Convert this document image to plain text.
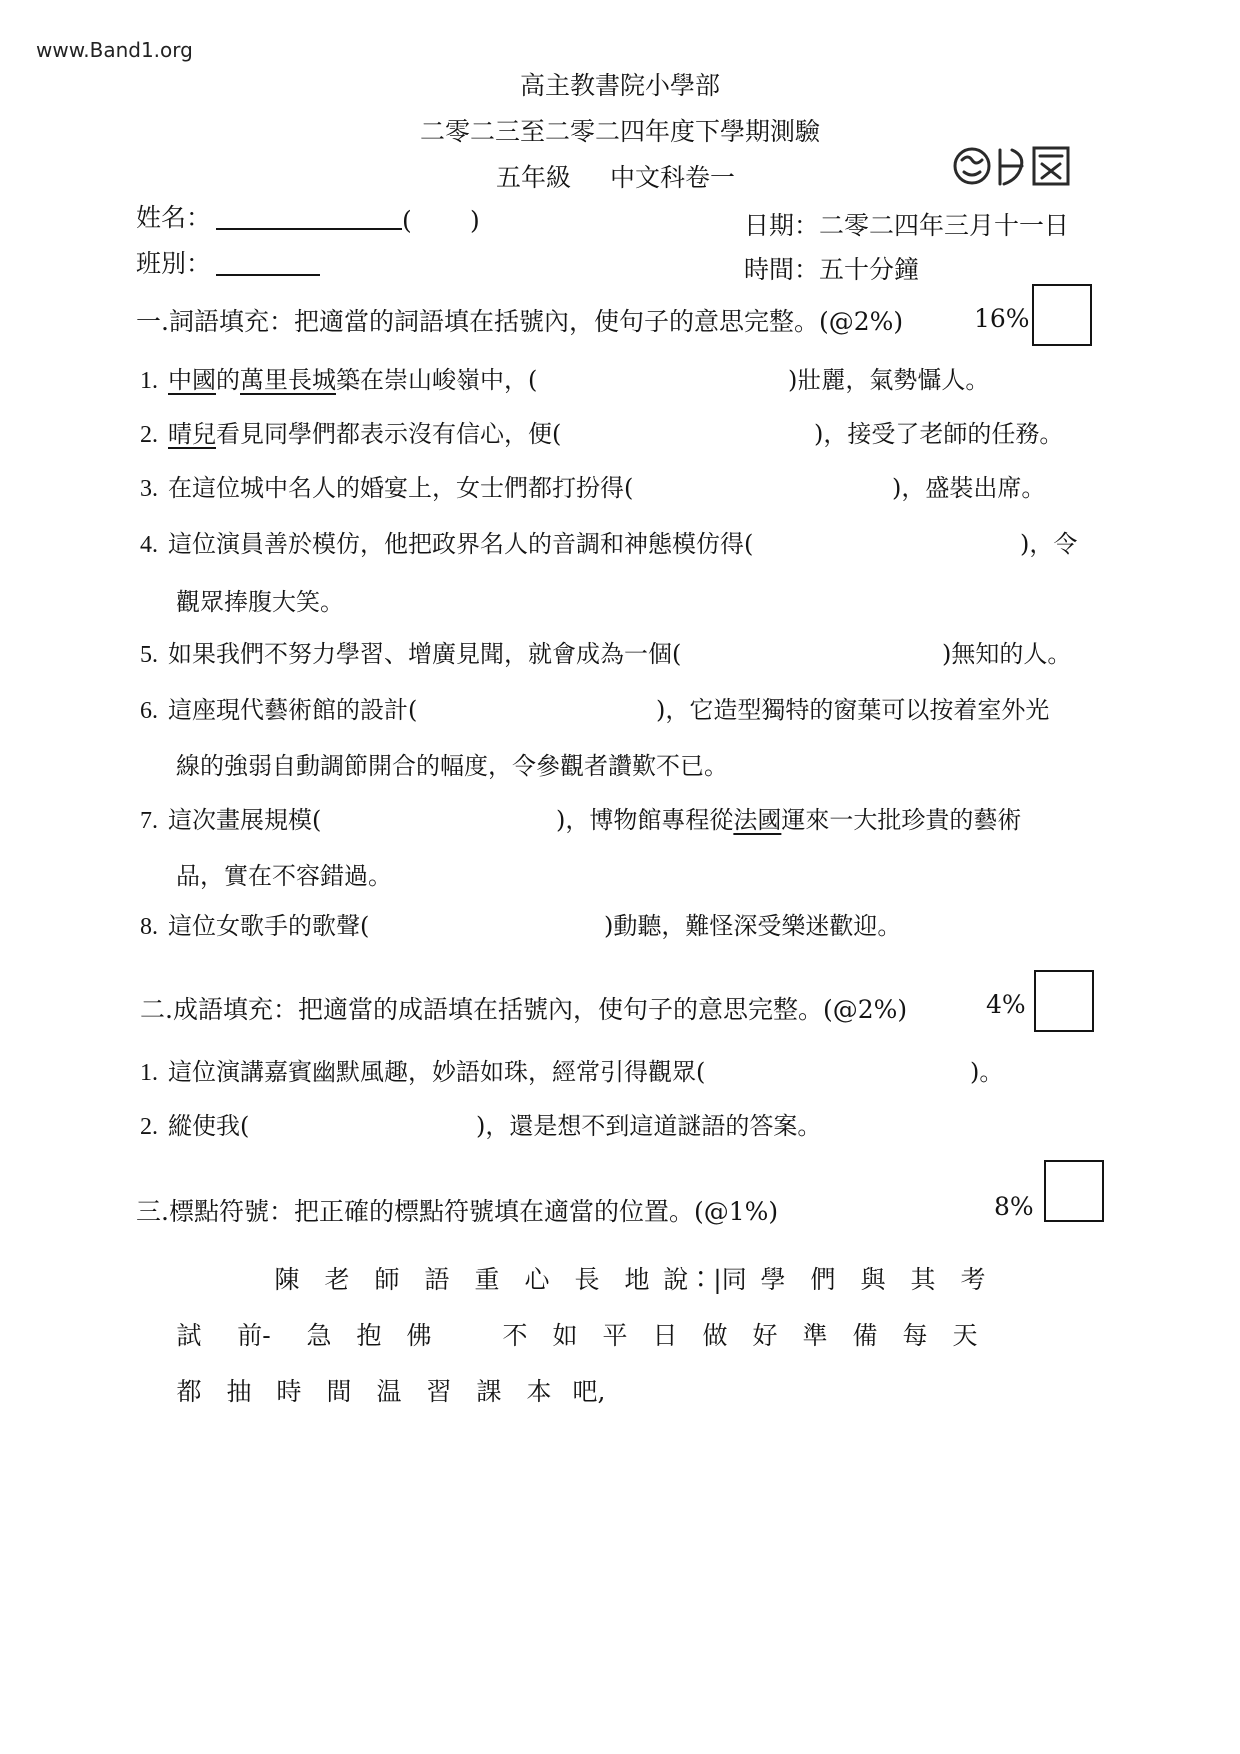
www.Band1.org
高主教書院小學部
二零二三至二零二四年度下學期測驗
五年級 中文科卷一
姓名：	( )	日期：二零二四年三月十一日
班別：	時間：五十分鐘
一.詞語填充：把適當的詞語填在括號內，使句子的意思完整。(@2%)	16%
1. 中國的萬里長城築在崇山峻嶺中，(	)壯麗，氣勢懾人。
2. 晴兒看見同學們都表示沒有信心，便(	)，接受了老師的任務。
3. 在這位城中名人的婚宴上，女士們都打扮得(	)，盛裝出席。
4. 這位演員善於模仿，他把政界名人的音調和神態模仿得(	)，令
觀眾捧腹大笑。
5. 如果我們不努力學習、增廣見聞，就會成為一個(	)無知的人。
6. 這座現代藝術館的設計(	)，它造型獨特的窗葉可以按着室外光
線的強弱自動調節開合的幅度，令參觀者讚歎不已。
7. 這次畫展規模(	)，博物館專程從法國運來一大批珍貴的藝術
品，實在不容錯過。
8. 這位女歌手的歌聲(	)動聽，難怪深受樂迷歡迎。
二.成語填充：把適當的成語填在括號內，使句子的意思完整。(@2%)	4%
1. 這位演講嘉賓幽默風趣，妙語如珠，經常引得觀眾(	)。
2. 縱使我(	)，還是想不到這道謎語的答案。
三.標點符號：把正確的標點符號填在適當的位置。(@1%)	8%
陳 老 師 語 重 心 長 地 說∶|同 學 們 與 其 考
試 前- 急 抱 佛	不 如 平 日 做 好 準 備 每 天
都 抽 時 間 温 習 課 本 吧,
